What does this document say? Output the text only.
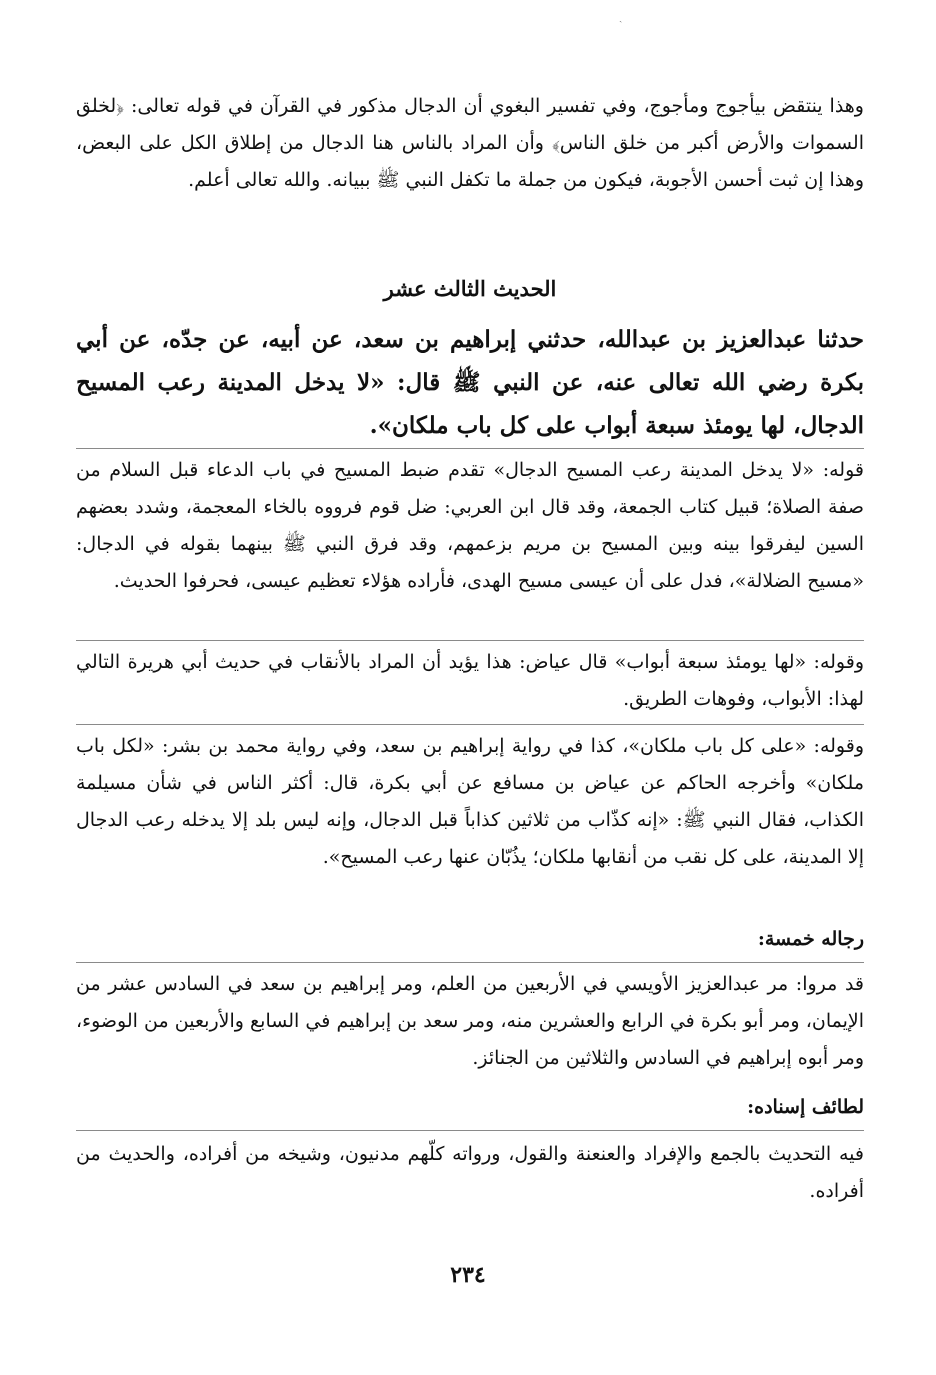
ˎ
وهذا ينتقض بيأجوج ومأجوج، وفي تفسير البغوي أن الدجال مذكور في القرآن في قوله تعالى: ﴿لخلق السموات والأرض أكبر من خلق الناس﴾ وأن المراد بالناس هنا الدجال من إطلاق الكل على البعض، وهذا إن ثبت أحسن الأجوبة، فيكون من جملة ما تكفل النبي ﷺ ببيانه. والله تعالى أعلم.
الحديث الثالث عشر
حدثنا عبدالعزيز بن عبدالله، حدثني إبراهيم بن سعد، عن أبيه، عن جدّه، عن أبي بكرة رضي الله تعالى عنه، عن النبي ﷺ قال: «لا يدخل المدينة رعب المسيح الدجال، لها يومئذ سبعة أبواب على كل باب ملكان».
قوله: «لا يدخل المدينة رعب المسيح الدجال» تقدم ضبط المسيح في باب الدعاء قبل السلام من صفة الصلاة؛ قبيل كتاب الجمعة، وقد قال ابن العربي: ضل قوم فرووه بالخاء المعجمة، وشدد بعضهم السين ليفرقوا بينه وبين المسيح بن مريم بزعمهم، وقد فرق النبي ﷺ بينهما بقوله في الدجال: «مسيح الضلالة»، فدل على أن عيسى مسيح الهدى، فأراده هؤلاء تعظيم عيسى، فحرفوا الحديث.
وقوله: «لها يومئذ سبعة أبواب» قال عياض: هذا يؤيد أن المراد بالأنقاب في حديث أبي هريرة التالي لهذا: الأبواب، وفوهات الطريق.
وقوله: «على كل باب ملكان»، كذا في رواية إبراهيم بن سعد، وفي رواية محمد بن بشر: «لكل باب ملكان» وأخرجه الحاكم عن عياض بن مسافع عن أبي بكرة، قال: أكثر الناس في شأن مسيلمة الكذاب، فقال النبي ﷺ: «إنه كذّاب من ثلاثين كذاباً قبل الدجال، وإنه ليس بلد إلا يدخله رعب الدجال إلا المدينة، على كل نقب من أنقابها ملكان؛ يذُبّان عنها رعب المسيح».
رجاله خمسة:
قد مروا: مر عبدالعزيز الأويسي في الأربعين من العلم، ومر إبراهيم بن سعد في السادس عشر من الإيمان، ومر أبو بكرة في الرابع والعشرين منه، ومر سعد بن إبراهيم في السابع والأربعين من الوضوء، ومر أبوه إبراهيم في السادس والثلاثين من الجنائز.
لطائف إسناده:
فيه التحديث بالجمع والإفراد والعنعنة والقول، ورواته كلّهم مدنيون، وشيخه من أفراده، والحديث من أفراده.
٢٣٤
